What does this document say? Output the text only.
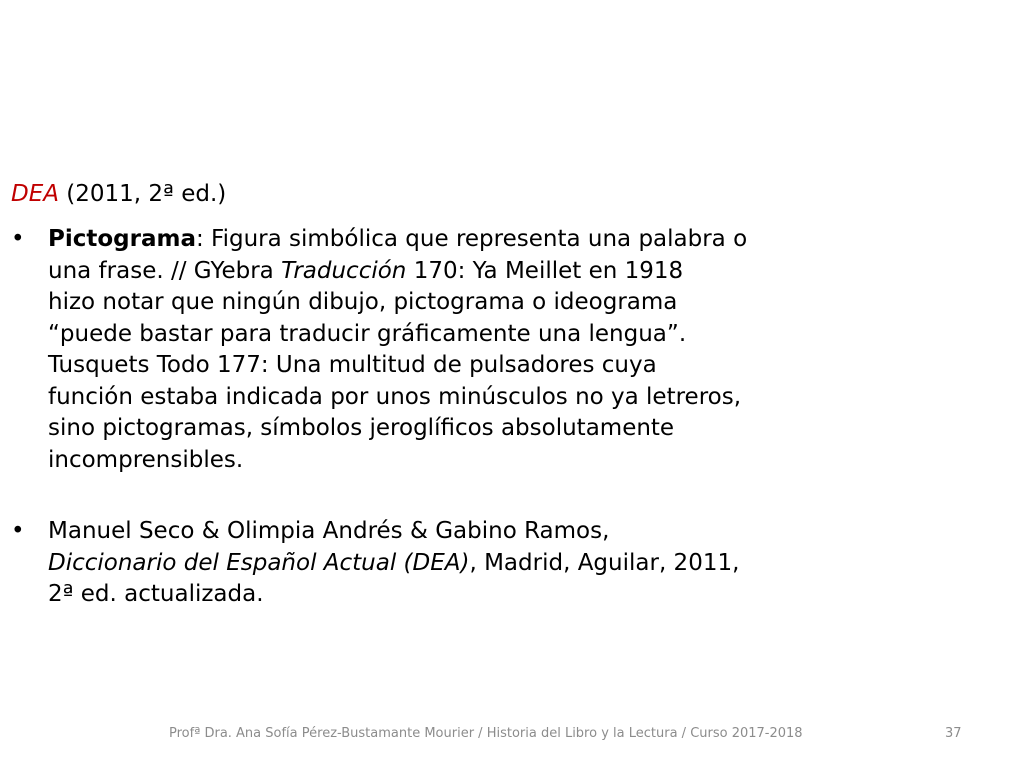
DEA (2011, 2ª ed.)
• Pictograma: Figura simbólica que representa una palabra o
una frase. // GYebra Traducción 170: Ya Meillet en 1918
hizo notar que ningún dibujo, pictograma o ideograma
“puede bastar para traducir gráficamente una lengua”.
Tusquets Todo 177: Una multitud de pulsadores cuya
función estaba indicada por unos minúsculos no ya letreros,
sino pictogramas, símbolos jeroglíficos absolutamente
incomprensibles.
• Manuel Seco & Olimpia Andrés & Gabino Ramos,
Diccionario del Español Actual (DEA), Madrid, Aguilar, 2011,
2ª ed. actualizada.
Profª Dra. Ana Sofía Pérez-Bustamante Mourier / Historia del Libro y la Lectura / Curso 2017-2018	37
